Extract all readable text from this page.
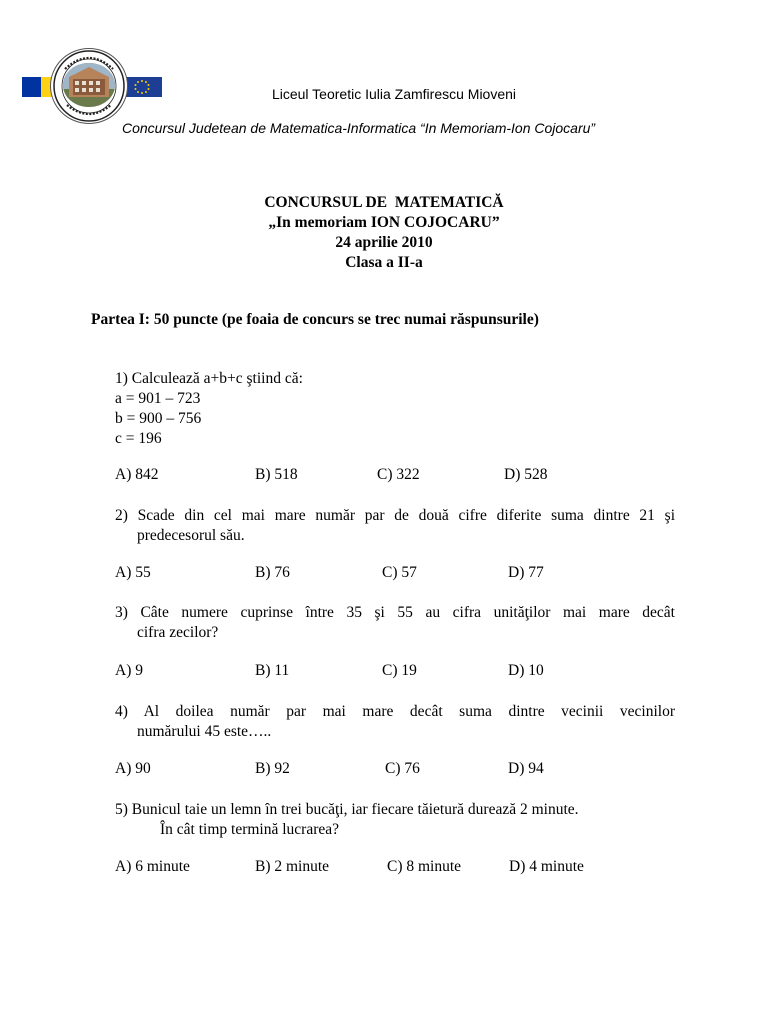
Liceul Teoretic Iulia Zamfirescu Mioveni
Concursul Judetean de Matematica-Informatica “In Memoriam-Ion Cojocaru”
CONCURSUL DE  MATEMATICĂ
„In memoriam ION COJOCARU”
24 aprilie 2010
Clasa a II-a
Partea I: 50 puncte (pe foaia de concurs se trec numai răspunsurile)
1) Calculează a+b+c ştiind că:
a = 901 – 723
b = 900 – 756
c = 196
A) 842	B) 518	C) 322	D) 528
2) Scade din cel mai mare număr par de două cifre diferite suma dintre 21 şi
predecesorul său.
A) 55	B) 76	C) 57	D) 77
3) Câte numere cuprinse între 35 şi 55 au cifra unităţilor mai mare decât
cifra zecilor?
A) 9	B) 11	C) 19	D) 10
4) Al doilea număr par mai mare decât suma dintre vecinii vecinilor
numărului 45 este…..
A) 90	B) 92	C) 76	D) 94
5) Bunicul taie un lemn în trei bucăţi, iar fiecare tăietură durează 2 minute.
În cât timp termină lucrarea?
A) 6 minute	B) 2 minute	C) 8 minute	D) 4 minute
